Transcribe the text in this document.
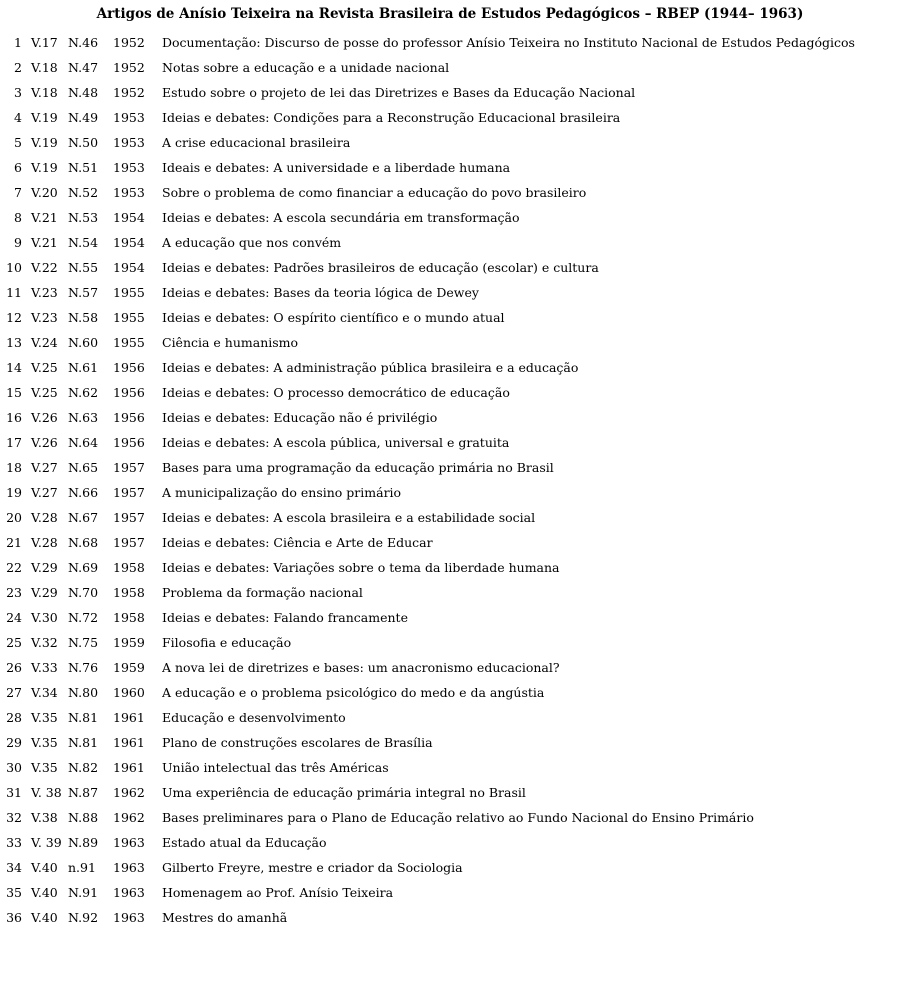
Artigos de Anísio Teixeira na Revista Brasileira de Estudos Pedagógicos – RBEP (1944– 1963)
1 V.17 N.46	1952	Documentação: Discurso de posse do professor Anísio Teixeira no Instituto Nacional de Estudos Pedagógicos
2 V.18 N.47	1952	Notas sobre a educação e a unidade nacional
3 V.18 N.48	1952	Estudo sobre o projeto de lei das Diretrizes e Bases da Educação Nacional
4 V.19 N.49	1953	Ideias e debates: Condições para a Reconstrução Educacional brasileira
5 V.19 N.50	1953	A crise educacional brasileira
6 V.19 N.51	1953	Ideais e debates: A universidade e a liberdade humana
7 V.20 N.52	1953	Sobre o problema de como financiar a educação do povo brasileiro
8 V.21 N.53	1954	Ideias e debates: A escola secundária em transformação
9 V.21 N.54	1954	A educação que nos convém
10 V.22 N.55	1954	Ideias e debates: Padrões brasileiros de educação (escolar) e cultura
11 V.23 N.57	1955	Ideias e debates: Bases da teoria lógica de Dewey
12 V.23 N.58	1955	Ideias e debates: O espírito científico e o mundo atual
13 V.24 N.60	1955	Ciência e humanismo
14 V.25 N.61	1956	Ideias e debates: A administração pública brasileira e a educação
15 V.25 N.62	1956	Ideias e debates: O processo democrático de educação
16 V.26 N.63	1956	Ideias e debates: Educação não é privilégio
17 V.26 N.64	1956	Ideias e debates: A escola pública, universal e gratuita
18 V.27 N.65	1957	Bases para uma programação da educação primária no Brasil
19 V.27 N.66	1957	A municipalização do ensino primário
20 V.28 N.67	1957	Ideias e debates: A escola brasileira e a estabilidade social
21 V.28 N.68	1957	Ideias e debates: Ciência e Arte de Educar
22 V.29 N.69	1958	Ideias e debates: Variações sobre o tema da liberdade humana
23 V.29 N.70	1958	Problema da formação nacional
24 V.30 N.72	1958	Ideias e debates: Falando francamente
25 V.32 N.75	1959	Filosofia e educação
26 V.33 N.76	1959	A nova lei de diretrizes e bases: um anacronismo educacional?
27 V.34 N.80	1960	A educação e o problema psicológico do medo e da angústia
28 V.35 N.81	1961	Educação e desenvolvimento
29 V.35 N.81	1961	Plano de construções escolares de Brasília
30 V.35 N.82	1961	União intelectual das três Américas
31 V. 38 N.87	1962	Uma experiência de educação primária integral no Brasil
32 V.38 N.88	1962	Bases preliminares para o Plano de Educação relativo ao Fundo Nacional do Ensino Primário
33 V. 39 N.89	1963	Estado atual da Educação
34 V.40 n.91	1963	Gilberto Freyre, mestre e criador da Sociologia
35 V.40 N.91	1963	Homenagem ao Prof. Anísio Teixeira
36 V.40 N.92	1963	Mestres do amanhã
